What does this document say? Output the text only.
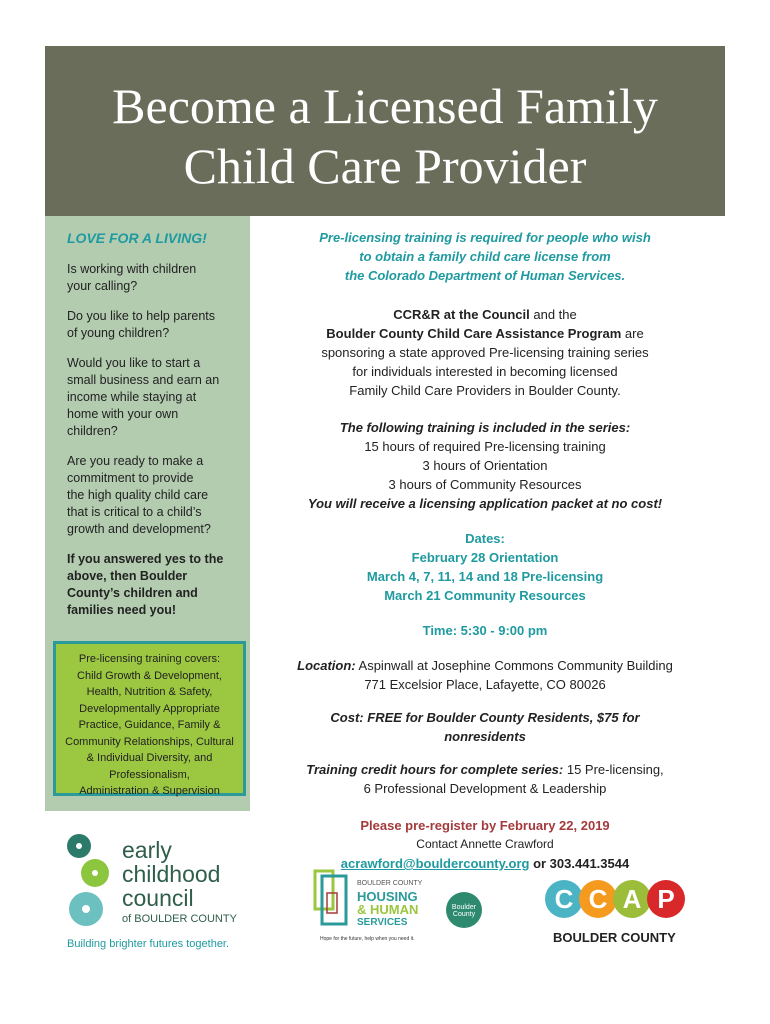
Become a Licensed Family
Child Care Provider
LOVE FOR A LIVING!

Is working with children
your calling?

Do you like to help parents
of young children?

Would you like to start a
small business and earn an
income while staying at
home with your own
children?

Are you ready to make a
commitment to provide
the high quality child care
that is critical to a child’s
growth and development?

If you answered yes to the
above, then Boulder
County’s children and
families need you!

Pre-licensing training covers:
Child Growth & Development,
Health, Nutrition & Safety,
Developmentally Appropriate
Practice, Guidance, Family &
Community Relationships, Cultural
& Individual Diversity, and
Professionalism,
Administration & Supervision
Pre-licensing training is required for people who wish
to obtain a family child care license from
the Colorado Department of Human Services.
CCR&R at the Council and the
Boulder County Child Care Assistance Program are
sponsoring a state approved Pre-licensing training series
for individuals interested in becoming licensed
Family Child Care Providers in Boulder County.
The following training is included in the series:
15 hours of required Pre-licensing training
3 hours of Orientation
3 hours of Community Resources
You will receive a licensing application packet at no cost!
Dates:
February 28 Orientation
March 4, 7, 11, 14 and 18 Pre-licensing
March 21 Community Resources
Time: 5:30 - 9:00 pm
Location: Aspinwall at Josephine Commons Community Building
771 Excelsior Place, Lafayette, CO 80026
Cost: FREE for Boulder County Residents, $75 for nonresidents
Training credit hours for complete series: 15 Pre-licensing,
6 Professional Development & Leadership
Please pre-register by February 22, 2019
Contact Annette Crawford
acrawford@bouldercounty.org or 303.441.3544
early
childhood
council
of BOULDER COUNTY
Building brighter futures together.
BOULDER COUNTY
HOUSING
& HUMAN
SERVICES
Hope for the future, help when you need it.
Boulder County
C C A P
BOULDER COUNTY
